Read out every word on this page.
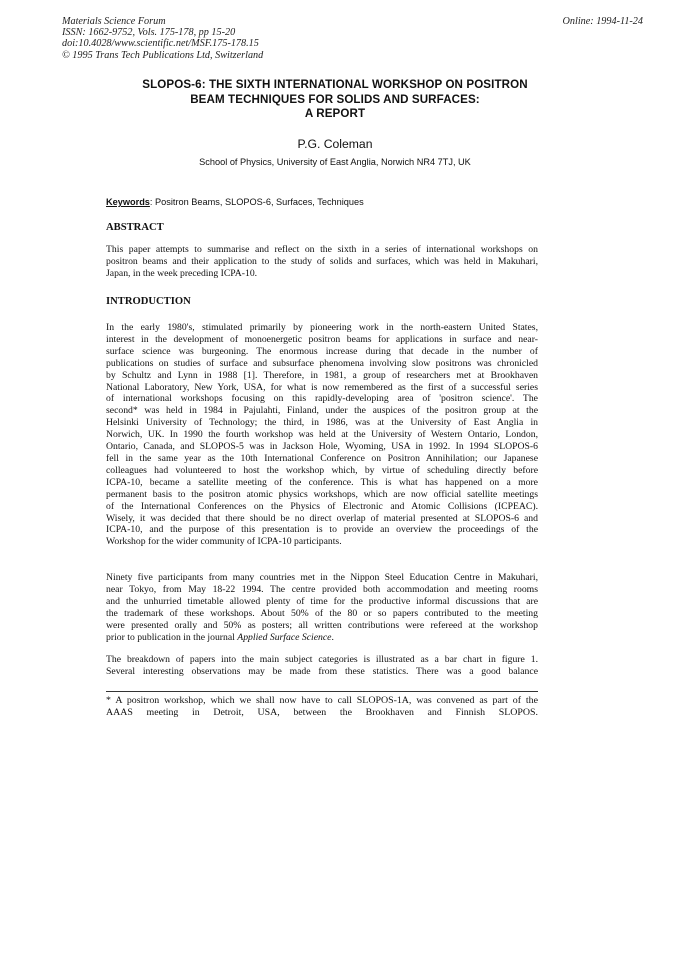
Materials Science Forum
ISSN: 1662-9752, Vols. 175-178, pp 15-20
doi:10.4028/www.scientific.net/MSF.175-178.15
© 1995 Trans Tech Publications Ltd, Switzerland
Online: 1994-11-24
SLOPOS-6: THE SIXTH INTERNATIONAL WORKSHOP ON POSITRON
BEAM TECHNIQUES FOR SOLIDS AND SURFACES:
A REPORT
P.G. Coleman
School of Physics, University of East Anglia, Norwich NR4 7TJ, UK
Keywords: Positron Beams, SLOPOS-6, Surfaces, Techniques
ABSTRACT
This paper attempts to summarise and reflect on the sixth in a series of international workshops on
positron beams and their application to the study of solids and surfaces, which was held in Makuhari,
Japan, in the week preceding ICPA-10.
INTRODUCTION
In the early 1980's, stimulated primarily by pioneering work in the north-eastern United States,
interest in the development of monoenergetic positron beams for applications in surface and near-
surface science was burgeoning. The enormous increase during that decade in the number of
publications on studies of surface and subsurface phenomena involving slow positrons was chronicled
by Schultz and Lynn in 1988 [1]. Therefore, in 1981, a group of researchers met at Brookhaven
National Laboratory, New York, USA, for what is now remembered as the first of a successful series
of international workshops focusing on this rapidly-developing area of 'positron science'. The
second* was held in 1984 in Pajulahti, Finland, under the auspices of the positron group at the
Helsinki University of Technology; the third, in 1986, was at the University of East Anglia in
Norwich, UK. In 1990 the fourth workshop was held at the University of Western Ontario, London,
Ontario, Canada, and SLOPOS-5 was in Jackson Hole, Wyoming, USA in 1992. In 1994 SLOPOS-6
fell in the same year as the 10th International Conference on Positron Annihilation; our Japanese
colleagues had volunteered to host the workshop which, by virtue of scheduling directly before
ICPA-10, became a satellite meeting of the conference. This is what has happened on a more
permanent basis to the positron atomic physics workshops, which are now official satellite meetings
of the International Conferences on the Physics of Electronic and Atomic Collisions (ICPEAC).
Wisely, it was decided that there should be no direct overlap of material presented at SLOPOS-6 and
ICPA-10, and the purpose of this presentation is to provide an overview the proceedings of the
Workshop for the wider community of ICPA-10 participants.
Ninety five participants from many countries met in the Nippon Steel Education Centre in Makuhari,
near Tokyo, from May 18-22 1994. The centre provided both accommodation and meeting rooms
and the unhurried timetable allowed plenty of time for the productive informal discussions that are
the trademark of these workshops. About 50% of the 80 or so papers contributed to the meeting
were presented orally and 50% as posters; all written contributions were refereed at the workshop
prior to publication in the journal Applied Surface Science.
The breakdown of papers into the main subject categories is illustrated as a bar chart in figure 1.
Several interesting observations may be made from these statistics. There was a good balance
* A positron workshop, which we shall now have to call SLOPOS-1A, was convened as part of the
AAAS meeting in Detroit, USA, between the Brookhaven and Finnish SLOPOS.
